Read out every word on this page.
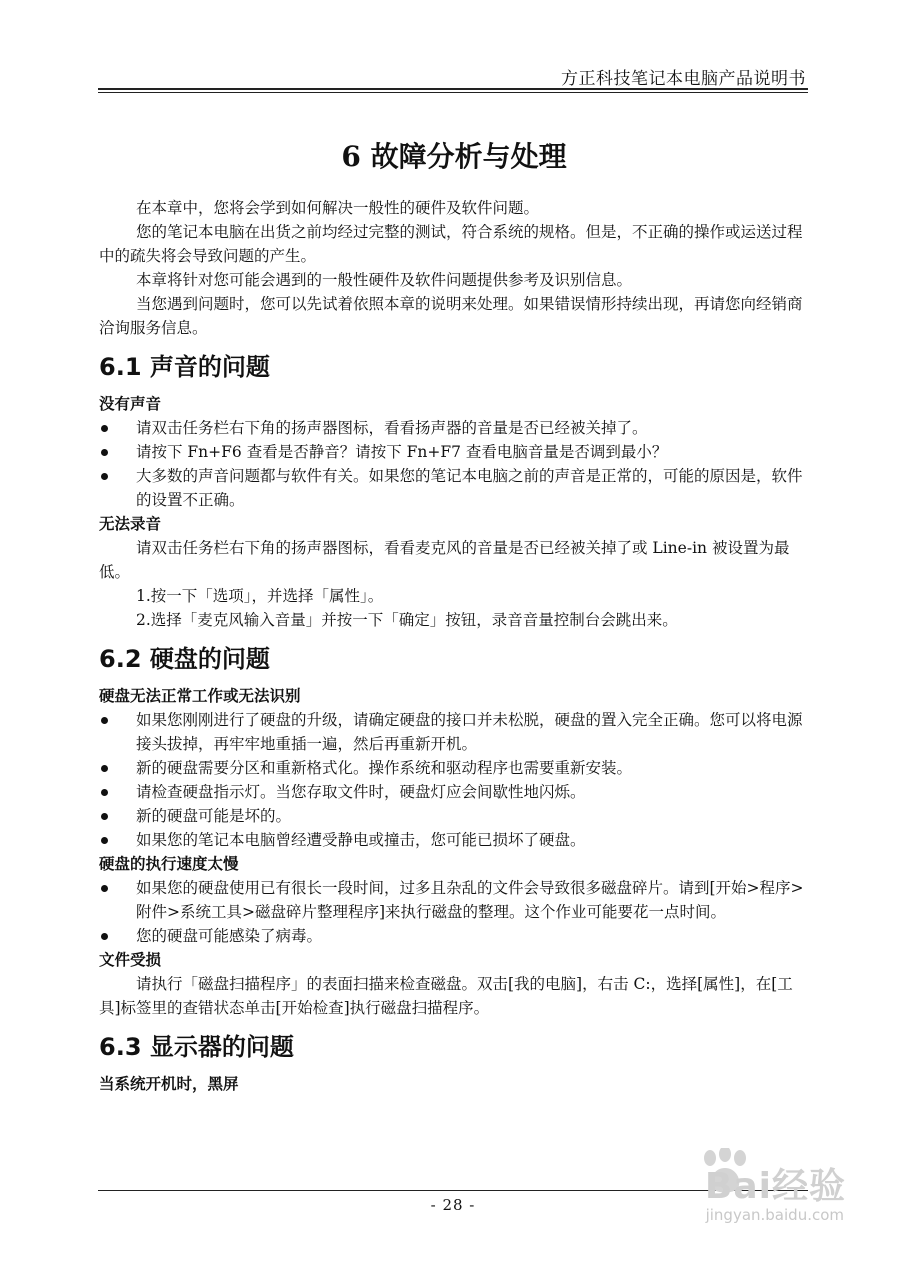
方正科技笔记本电脑产品说明书
6 故障分析与处理

在本章中，您将会学到如何解决一般性的硬件及软件问题。

您的笔记本电脑在出货之前均经过完整的测试，符合系统的规格。但是，不正确的操作或运送过程中的疏失将会导致问题的产生。

本章将针对您可能会遇到的一般性硬件及软件问题提供参考及识别信息。

当您遇到问题时，您可以先试着依照本章的说明来处理。如果错误情形持续出现，再请您向经销商洽询服务信息。

6.1 声音的问题
没有声音
请双击任务栏右下角的扬声器图标，看看扬声器的音量是否已经被关掉了。
请按下 Fn+F6 查看是否静音？请按下 Fn+F7 查看电脑音量是否调到最小？
大多数的声音问题都与软件有关。如果您的笔记本电脑之前的声音是正常的，可能的原因是，软件的设置不正确。
无法录音

请双击任务栏右下角的扬声器图标，看看麦克风的音量是否已经被关掉了或 Line-in 被设置为最低。

1.按一下「选项」，并选择「属性」。

2.选择「麦克风输入音量」并按一下「确定」按钮，录音音量控制台会跳出来。

6.2 硬盘的问题
硬盘无法正常工作或无法识别
如果您刚刚进行了硬盘的升级，请确定硬盘的接口并未松脱，硬盘的置入完全正确。您可以将电源接头拔掉，再牢牢地重插一遍，然后再重新开机。
新的硬盘需要分区和重新格式化。操作系统和驱动程序也需要重新安装。
请检查硬盘指示灯。当您存取文件时，硬盘灯应会间歇性地闪烁。
新的硬盘可能是坏的。
如果您的笔记本电脑曾经遭受静电或撞击，您可能已损坏了硬盘。
硬盘的执行速度太慢
如果您的硬盘使用已有很长一段时间，过多且杂乱的文件会导致很多磁盘碎片。请到[开始>程序>附件>系统工具>磁盘碎片整理程序]来执行磁盘的整理。这个作业可能要花一点时间。
您的硬盘可能感染了病毒。
文件受损

请执行「磁盘扫描程序」的表面扫描来检查磁盘。双击[我的电脑]，右击 C:，选择[属性]，在[工具]标签里的查错状态单击[开始检查]执行磁盘扫描程序。

6.3 显示器的问题
当系统开机时，黑屏
- 28 -	Bai经验
jingyan.baidu.com
